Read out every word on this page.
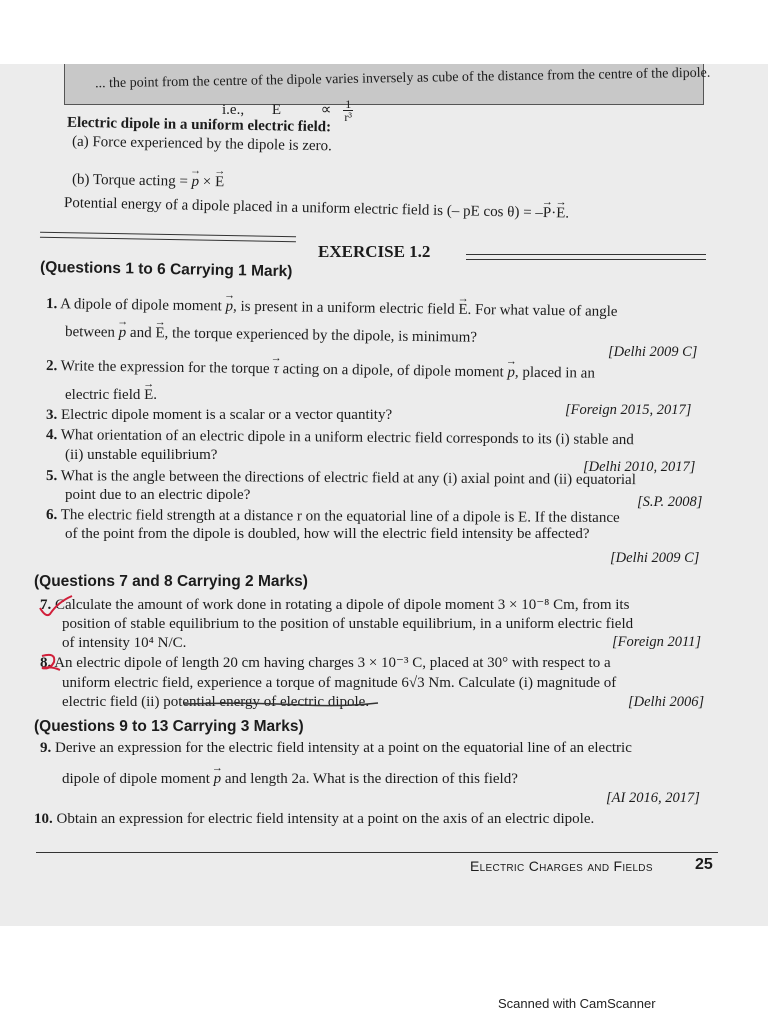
... the point from the centre of the dipole varies inversely as cube of the distance from the centre of the dipole.
i.e., E	∝ $\frac{1}{\text{r³}}$
Electric dipole in a uniform electric field:
(a) Force experienced by the dipole is zero.
(b) Torque acting = → p × → E
Potential energy of a dipole placed in a uniform electric field is (– pE cos θ) = –→ P·→ E.
EXERCISE 1.2
(Questions 1 to 6 Carrying 1 Mark)
1. A dipole of dipole moment → p, is present in a uniform electric field → E. For what value of angle
between → p and → E, the torque experienced by the dipole, is minimum?
[Delhi 2009 C]
2. Write the expression for the torque → τ acting on a dipole, of dipole moment → p, placed in an
electric field → E.
[Foreign 2015, 2017]
3. Electric dipole moment is a scalar or a vector quantity?
4. What orientation of an electric dipole in a uniform electric field corresponds to its (i) stable and
(ii) unstable equilibrium?
[Delhi 2010, 2017]
5. What is the angle between the directions of electric field at any (i) axial point and (ii) equatorial
point due to an electric dipole?	[S.P. 2008]
6. The electric field strength at a distance r on the equatorial line of a dipole is E. If the distance
of the point from the dipole is doubled, how will the electric field intensity be affected?
[Delhi 2009 C]
(Questions 7 and 8 Carrying 2 Marks)
7. Calculate the amount of work done in rotating a dipole of dipole moment 3 × 10⁻⁸ Cm, from its
position of stable equilibrium to the position of unstable equilibrium, in a uniform electric field
of intensity 10⁴ N/C.	[Foreign 2011]
8. An electric dipole of length 20 cm having charges 3 × 10⁻³ C, placed at 30° with respect to a
uniform electric field, experience a torque of magnitude 6√3 Nm. Calculate (i) magnitude of
electric field (ii) potential energy of electric dipole.	[Delhi 2006]
(Questions 9 to 13 Carrying 3 Marks)
9. Derive an expression for the electric field intensity at a point on the equatorial line of an electric
dipole of dipole moment → p and length 2a. What is the direction of this field?
[AI 2016, 2017]
10. Obtain an expression for electric field intensity at a point on the axis of an electric dipole.
Electric Charges and Fields	25
Scanned with CamScanner
